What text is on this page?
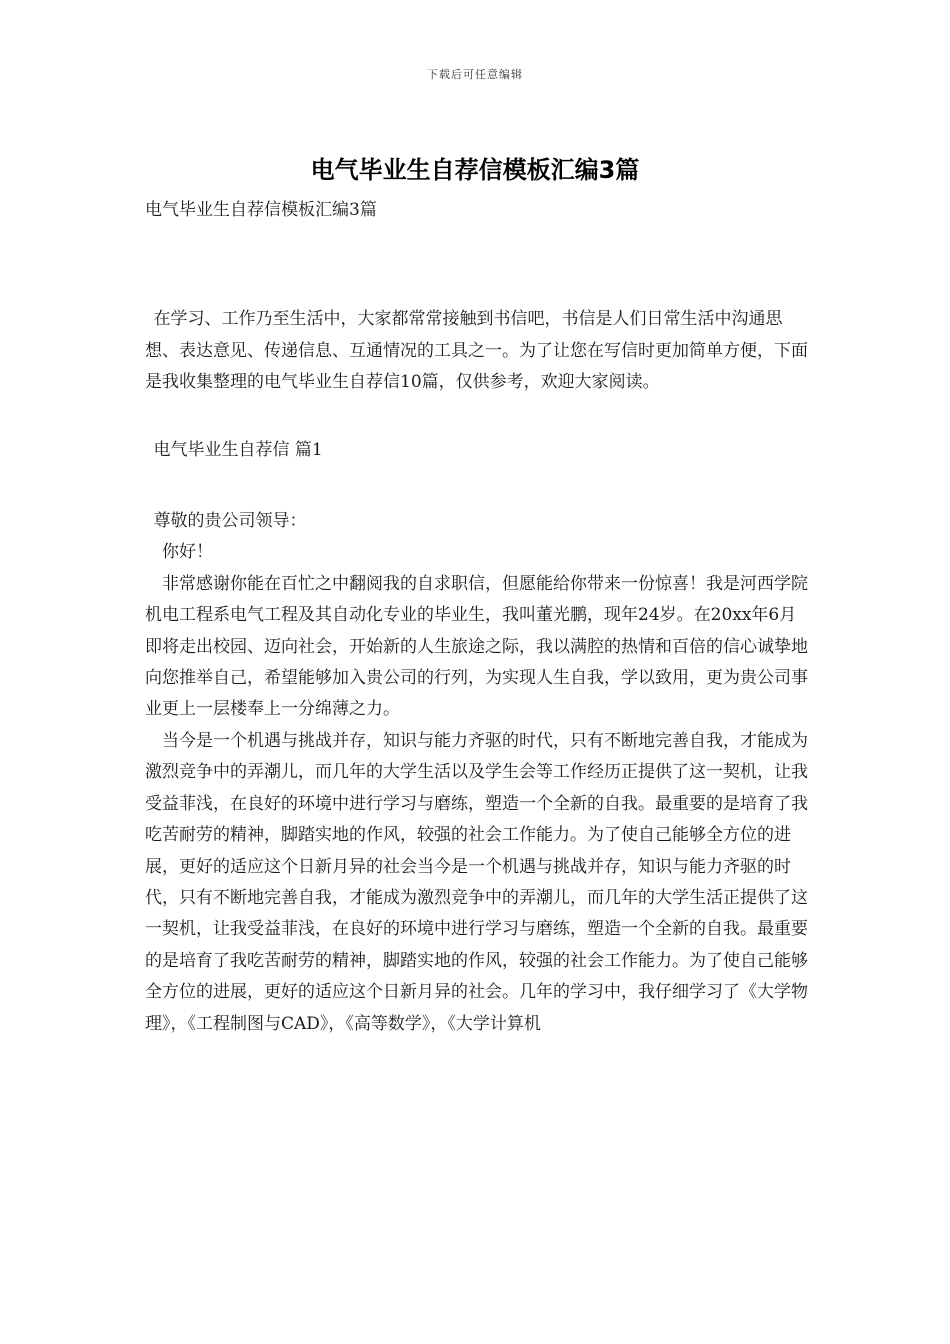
下载后可任意编辑
电气毕业生自荐信模板汇编3篇

电气毕业生自荐信模板汇编3篇

在学习、工作乃至生活中，大家都常常接触到书信吧，书信是人们日常生活中沟通思想、表达意见、传递信息、互通情况的工具之一。为了让您在写信时更加简单方便，下面是我收集整理的电气毕业生自荐信10篇，仅供参考，欢迎大家阅读。

电气毕业生自荐信 篇1

尊敬的贵公司领导：

你好！

非常感谢你能在百忙之中翻阅我的自求职信，但愿能给你带来一份惊喜！我是河西学院机电工程系电气工程及其自动化专业的毕业生，我叫董光鹏，现年24岁。在20xx年6月即将走出校园、迈向社会，开始新的人生旅途之际，我以满腔的热情和百倍的信心诚挚地向您推举自己，希望能够加入贵公司的行列，为实现人生自我，学以致用，更为贵公司事业更上一层楼奉上一分绵薄之力。

当今是一个机遇与挑战并存，知识与能力齐驱的时代，只有不断地完善自我，才能成为激烈竞争中的弄潮儿，而几年的大学生活以及学生会等工作经历正提供了这一契机，让我受益菲浅，在良好的环境中进行学习与磨练，塑造一个全新的自我。最重要的是培育了我吃苦耐劳的精神，脚踏实地的作风，较强的社会工作能力。为了使自己能够全方位的进展，更好的适应这个日新月异的社会当今是一个机遇与挑战并存，知识与能力齐驱的时代，只有不断地完善自我，才能成为激烈竞争中的弄潮儿，而几年的大学生活正提供了这一契机，让我受益菲浅，在良好的环境中进行学习与磨练，塑造一个全新的自我。最重要的是培育了我吃苦耐劳的精神，脚踏实地的作风，较强的社会工作能力。为了使自己能够全方位的进展，更好的适应这个日新月异的社会。几年的学习中，我仔细学习了《大学物理》，《工程制图与CAD》，《高等数学》，《大学计算机
